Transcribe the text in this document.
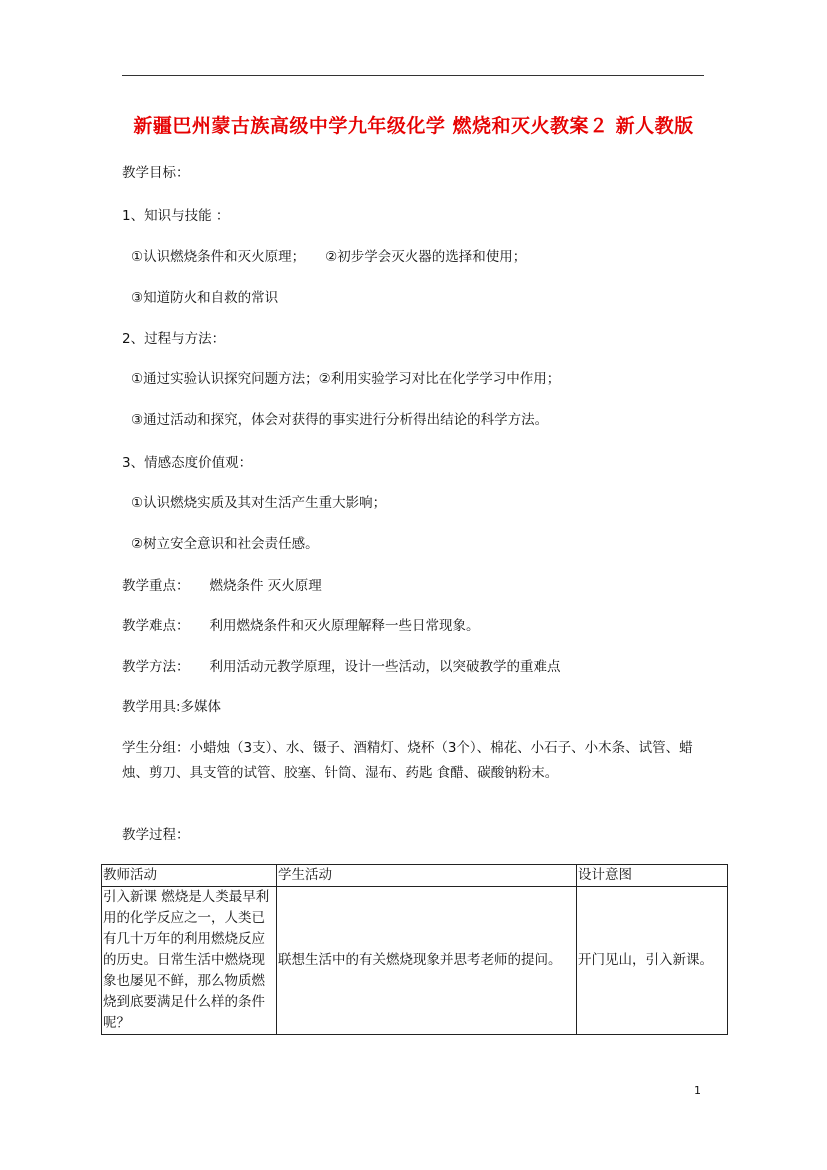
新疆巴州蒙古族高级中学九年级化学 燃烧和灭火教案２ 新人教版
教学目标：
1、知识与技能 ：
①认识燃烧条件和灭火原理； ②初步学会灭火器的选择和使用；
③知道防火和自救的常识
2、过程与方法：
①通过实验认识探究问题方法；②利用实验学习对比在化学学习中作用；
③通过活动和探究，体会对获得的事实进行分析得出结论的科学方法。
3、情感态度价值观：
①认识燃烧实质及其对生活产生重大影响；
②树立安全意识和社会责任感。
教学重点： 燃烧条件 灭火原理
教学难点： 利用燃烧条件和灭火原理解释一些日常现象。
教学方法： 利用活动元教学原理，设计一些活动，以突破教学的重难点
教学用具:多媒体
学生分组：小蜡烛（3支）、水、镊子、酒精灯、烧杯（3个）、棉花、小石子、小木条、试管、蜡烛、剪刀、具支管的试管、胶塞、针筒、湿布、药匙 食醋、碳酸钠粉末。
教学过程：
教师活动	学生活动	设计意图
引入新课 燃烧是人类最早利用的化学反应之一，人类已有几十万年的利用燃烧反应的历史。日常生活中燃烧现象也屡见不鲜，那么物质燃烧到底要满足什么样的条件呢？	联想生活中的有关燃烧现象并思考老师的提问。	开门见山，引入新课。
1
